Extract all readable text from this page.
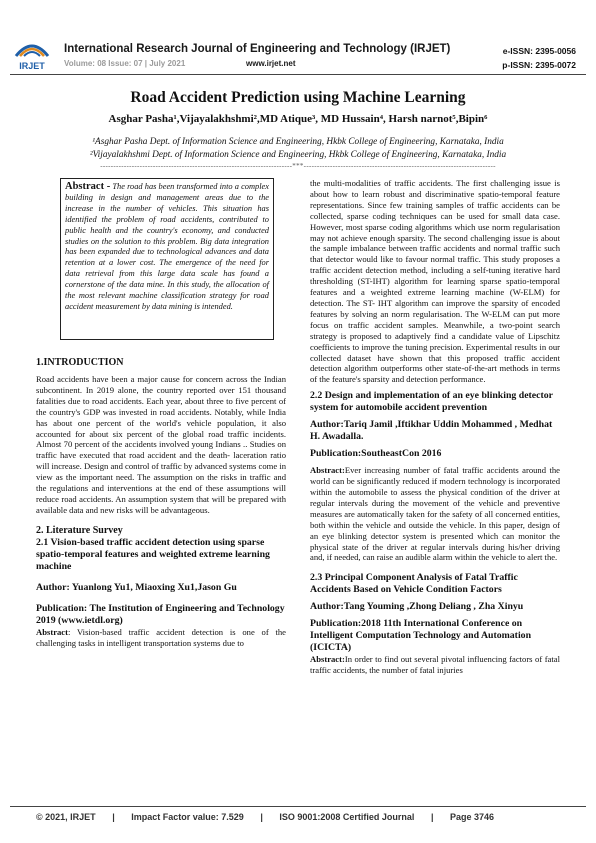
IRJET
International Research Journal of Engineering and Technology (IRJET)
Volume: 08 Issue: 07 | July 2021	www.irjet.net
e-ISSN: 2395-0056
p-ISSN: 2395-0072
Road Accident Prediction using Machine Learning
Asghar Pasha¹,Vijayalakhshmi²,MD Atique³, MD Hussain⁴, Harsh narnot⁵,Bipin⁶
¹Asghar Pasha Dept. of Information Science and Engineering, Hkbk College of Engineering, Karnataka, India
²Vijayalakhshmi Dept. of Information Science and Engineering, Hkbk College of Engineering, Karnataka, India
-------------------------------------------------------------------------***-------------------------------------------------------------------------
Abstract - The road has been transformed into a complex building in design and management areas due to the increase in the number of vehicles. This situation has identified the problem of road accidents, contributed to public health and the country's economy, and conducted studies on the solution to this problem. Big data integration has been expanded due to technological advances and data retention at a lower cost. The emergence of the need for data retrieval from this large data scale has found a cornerstone of the data mine. In this study, the allocation of the most relevant machine classification strategy for road accident measurement by data mining is intended.

1.INTRODUCTION

Road accidents have been a major cause for concern across the Indian subcontinent. In 2019 alone, the country reported over 151 thousand fatalities due to road accidents. Each year, about three to five percent of the country's GDP was invested in road accidents. Notably, while India has about one percent of the world's vehicle population, it also accounted for about six percent of the global road traffic incidents. Almost 70 percent of the accidents involved young Indians .. Studies on traffic have executed that road accident and the death- laceration ratio will increase. Design and control of traffic by advanced systems come in view as the important need. The assumption on the risks in traffic and the regulations and interventions at the end of these assumptions will reduce road accidents. An assumption system that will be prepared with available data and new risks will be advantageous.

2. Literature Survey

2.1 Vision-based traffic accident detection using sparse spatio-temporal features and weighted extreme learning machine

Author: Yuanlong Yu1, Miaoxing Xu1,Jason Gu

Publication: The Institution of Engineering and Technology 2019 (www.ietdl.org)

Abstract: Vision-based traffic accident detection is one of the challenging tasks in intelligent transportation systems due to

the multi-modalities of traffic accidents. The first challenging issue is about how to learn robust and discriminative spatio-temporal feature representations. Since few training samples of traffic accidents can be collected, sparse coding techniques can be used for small data case. However, most sparse coding algorithms which use norm regularisation may not achieve enough sparsity. The second challenging issue is about the sample imbalance between traffic accidents and normal traffic such that detector would like to favour normal traffic. This study proposes a traffic accident detection method, including a self-tuning iterative hard thresholding (ST-IHT) algorithm for learning sparse spatio-temporal features and a weighted extreme learning machine (W-ELM) for detection. The ST- IHT algorithm can improve the sparsity of encoded features by solving an norm regularisation. The W-ELM can put more focus on traffic accident samples. Meanwhile, a two-point search strategy is proposed to adaptively find a candidate value of Lipschitz coefficients to improve the tuning precision. Experimental results in our collected dataset have shown that this proposed traffic accident detection algorithm outperforms other state-of-the-art methods in terms of the feature's sparsity and detection performance.

2.2 Design and implementation of an eye blinking detector system for automobile accident prevention

Author:Tariq Jamil ,Iftikhar Uddin Mohammed , Medhat H. Awadalla.

Publication:SoutheastCon 2016

Abstract:Ever increasing number of fatal traffic accidents around the world can be significantly reduced if modern technology is incorporated within the automobile to assess the physical condition of the driver at regular intervals during the movement of the vehicle and preventive measures are automatically taken for the safety of all concerned entities, both within the vehicle and outside the vehicle. In this paper, design of an eye blinking detector system is presented which can monitor the physical state of the driver at regular intervals during his/her driving and, if needed, can raise an audible alarm within the vehicle to alert the.

2.3 Principal Component Analysis of Fatal Traffic Accidents Based on Vehicle Condition Factors

Author:Tang Youming ,Zhong Deliang , Zha Xinyu

Publication:2018 11th International Conference on Intelligent Computation Technology and Automation (ICICTA)

Abstract:In order to find out several pivotal influencing factors of fatal traffic accidents, the number of fatal injuries

© 2021, IRJET | Impact Factor value: 7.529 | ISO 9001:2008 Certified Journal | Page 3746
